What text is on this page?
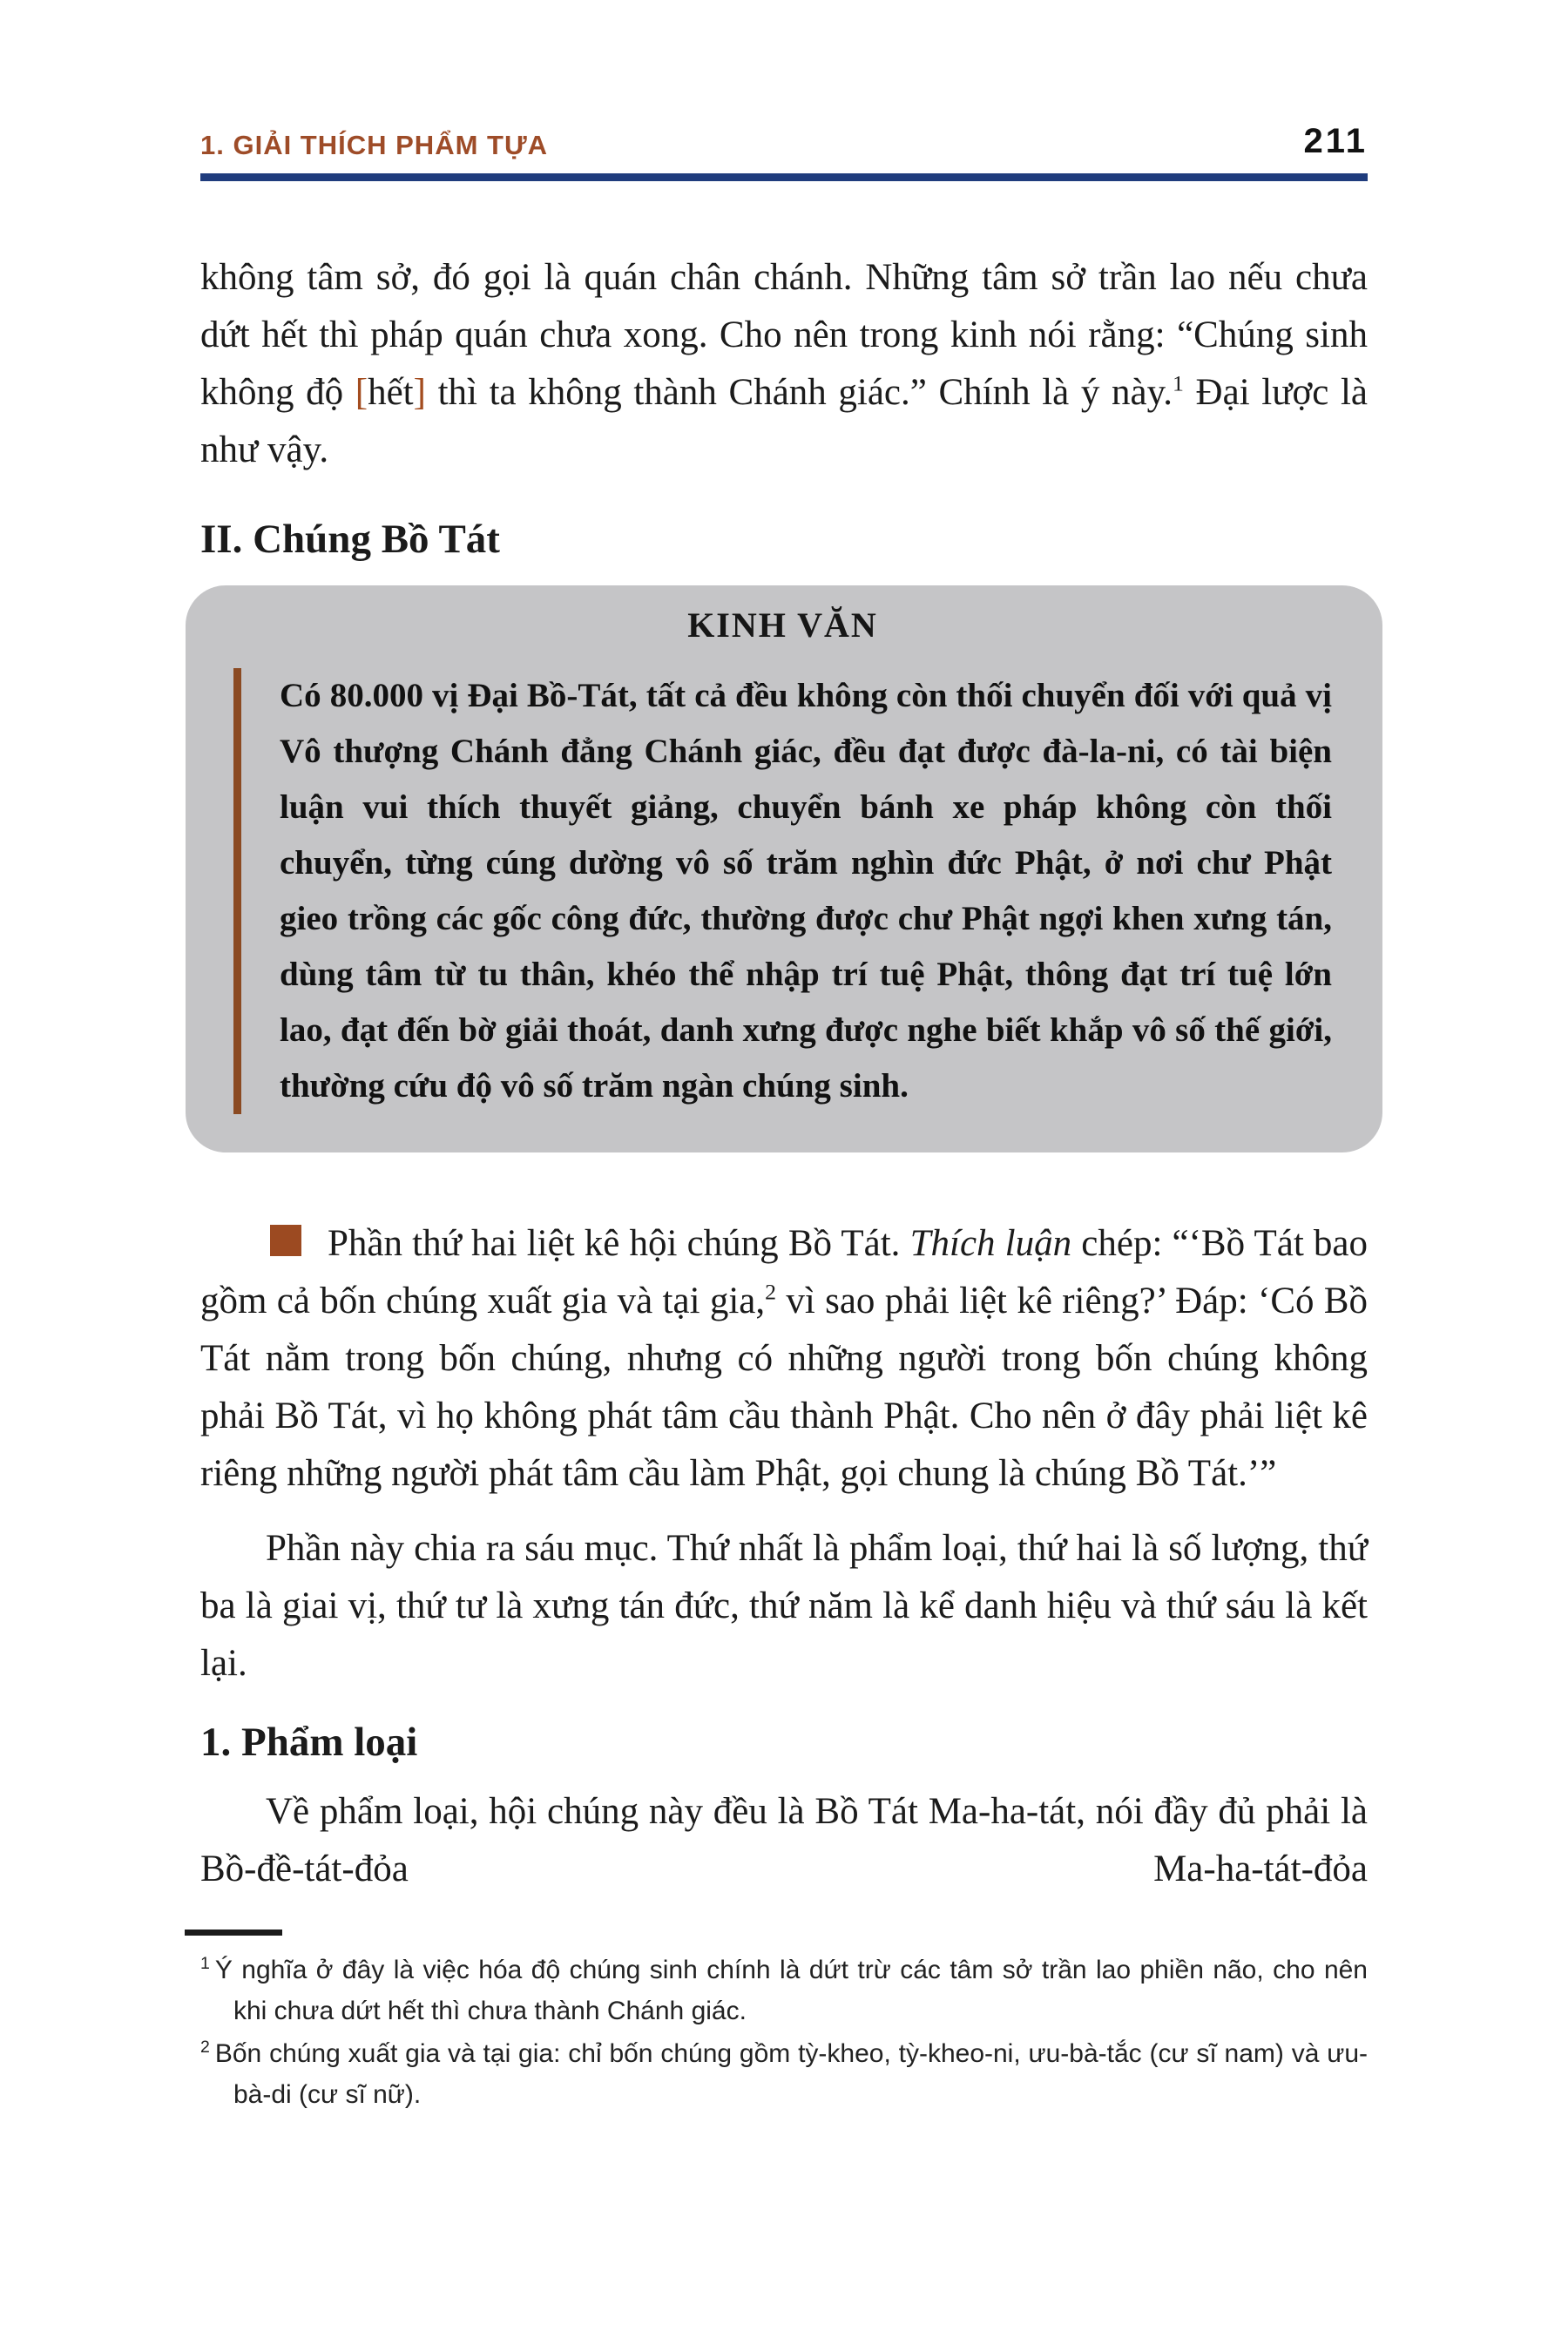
1. GIẢI THÍCH PHẨM TỰA	211

không tâm sở, đó gọi là quán chân chánh. Những tâm sở trần lao nếu chưa dứt hết thì pháp quán chưa xong. Cho nên trong kinh nói rằng: “Chúng sinh không độ [hết] thì ta không thành Chánh giác.” Chính là ý này.$^1$ Đại lược là như vậy.

II. Chúng Bồ Tát

KINH VĂN

Có 80.000 vị Đại Bồ-Tát, tất cả đều không còn thối chuyển đối với quả vị Vô thượng Chánh đẳng Chánh giác, đều đạt được đà-la-ni, có tài biện luận vui thích thuyết giảng, chuyển bánh xe pháp không còn thối chuyển, từng cúng dường vô số trăm nghìn đức Phật, ở nơi chư Phật gieo trồng các gốc công đức, thường được chư Phật ngợi khen xưng tán, dùng tâm từ tu thân, khéo thể nhập trí tuệ Phật, thông đạt trí tuệ lớn lao, đạt đến bờ giải thoát, danh xưng được nghe biết khắp vô số thế giới, thường cứu độ vô số trăm ngàn chúng sinh.

Phần thứ hai liệt kê hội chúng Bồ Tát. Thích luận chép: “‘Bồ Tát bao gồm cả bốn chúng xuất gia và tại gia,$^2$ vì sao phải liệt kê riêng?’ Đáp: ‘Có Bồ Tát nằm trong bốn chúng, nhưng có những người trong bốn chúng không phải Bồ Tát, vì họ không phát tâm cầu thành Phật. Cho nên ở đây phải liệt kê riêng những người phát tâm cầu làm Phật, gọi chung là chúng Bồ Tát.’”

Phần này chia ra sáu mục. Thứ nhất là phẩm loại, thứ hai là số lượng, thứ ba là giai vị, thứ tư là xưng tán đức, thứ năm là kể danh hiệu và thứ sáu là kết lại.

1. Phẩm loại

Về phẩm loại, hội chúng này đều là Bồ Tát Ma-ha-tát, nói đầy đủ phải là Bồ-đề-tát-đỏa Ma-ha-tát-đỏa

$^1$ Ý nghĩa ở đây là việc hóa độ chúng sinh chính là dứt trừ các tâm sở trần lao phiền não, cho nên khi chưa dứt hết thì chưa thành Chánh giác.

$^2$ Bốn chúng xuất gia và tại gia: chỉ bốn chúng gồm tỳ-kheo, tỳ-kheo-ni, ưu-bà-tắc (cư sĩ nam) và ưu-bà-di (cư sĩ nữ).
